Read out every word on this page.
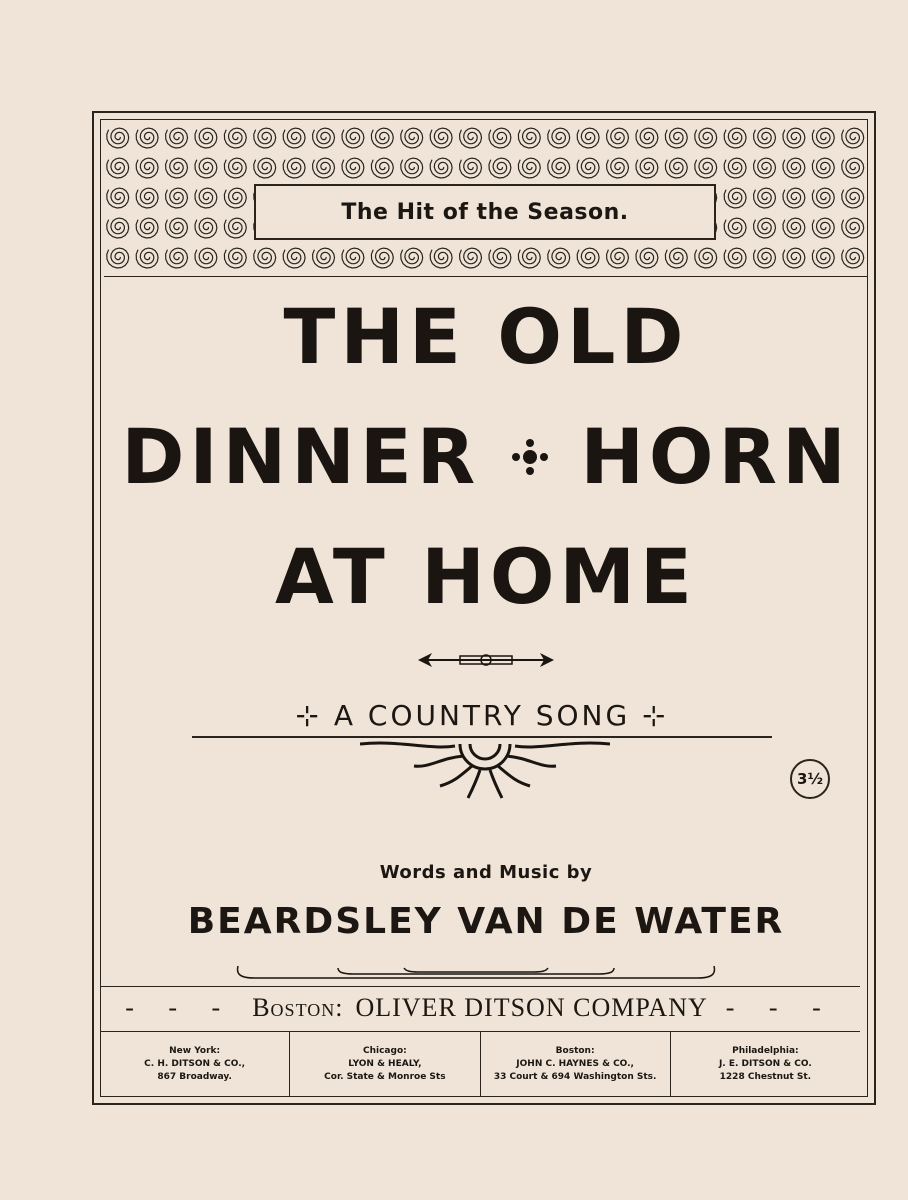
The Hit of the Season.
THE OLD
DINNER HORN
AT HOME
⊹ A COUNTRY SONG ⊹
3½
Words and Music by
BEARDSLEY VAN DE WATER
- - - Boston: OLIVER DITSON COMPANY - - -
New York:
C. H. DITSON & CO.,
867 Broadway.
Chicago:
LYON & HEALY,
Cor. State & Monroe Sts
Boston:
JOHN C. HAYNES & CO.,
33 Court & 694 Washington Sts.
Philadelphia:
J. E. DITSON & CO.
1228 Chestnut St.
